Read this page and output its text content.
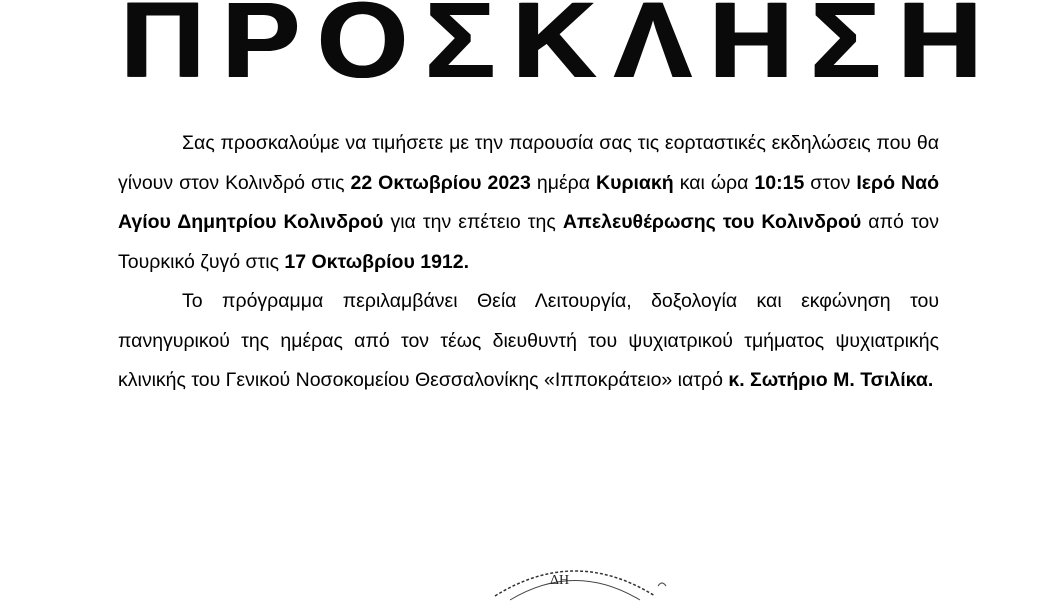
ΠΡΟΣΚΛΗΣΗ

Σας προσκαλούμε να τιμήσετε με την παρουσία σας τις εορταστικές εκδηλώσεις που θα γίνουν στον Κολινδρό στις 22 Οκτωβρίου 2023 ημέρα Κυριακή και ώρα 10:15 στον Ιερό Ναό Αγίου Δημητρίου Κολινδρού για την επέτειο της Απελευθέρωσης του Κολινδρού από τον Τουρκικό ζυγό στις 17 Οκτωβρίου 1912.

Το πρόγραμμα περιλαμβάνει Θεία Λειτουργία, δοξολογία και εκφώνηση του πανηγυρικού της ημέρας από τον τέως διευθυντή του ψυχιατρικού τμήματος ψυχιατρικής κλινικής του Γενικού Νοσοκομείου Θεσσαλονίκης «Ιπποκράτειο» ιατρό κ. Σωτήριο Μ. Τσιλίκα.

ΔΗ
